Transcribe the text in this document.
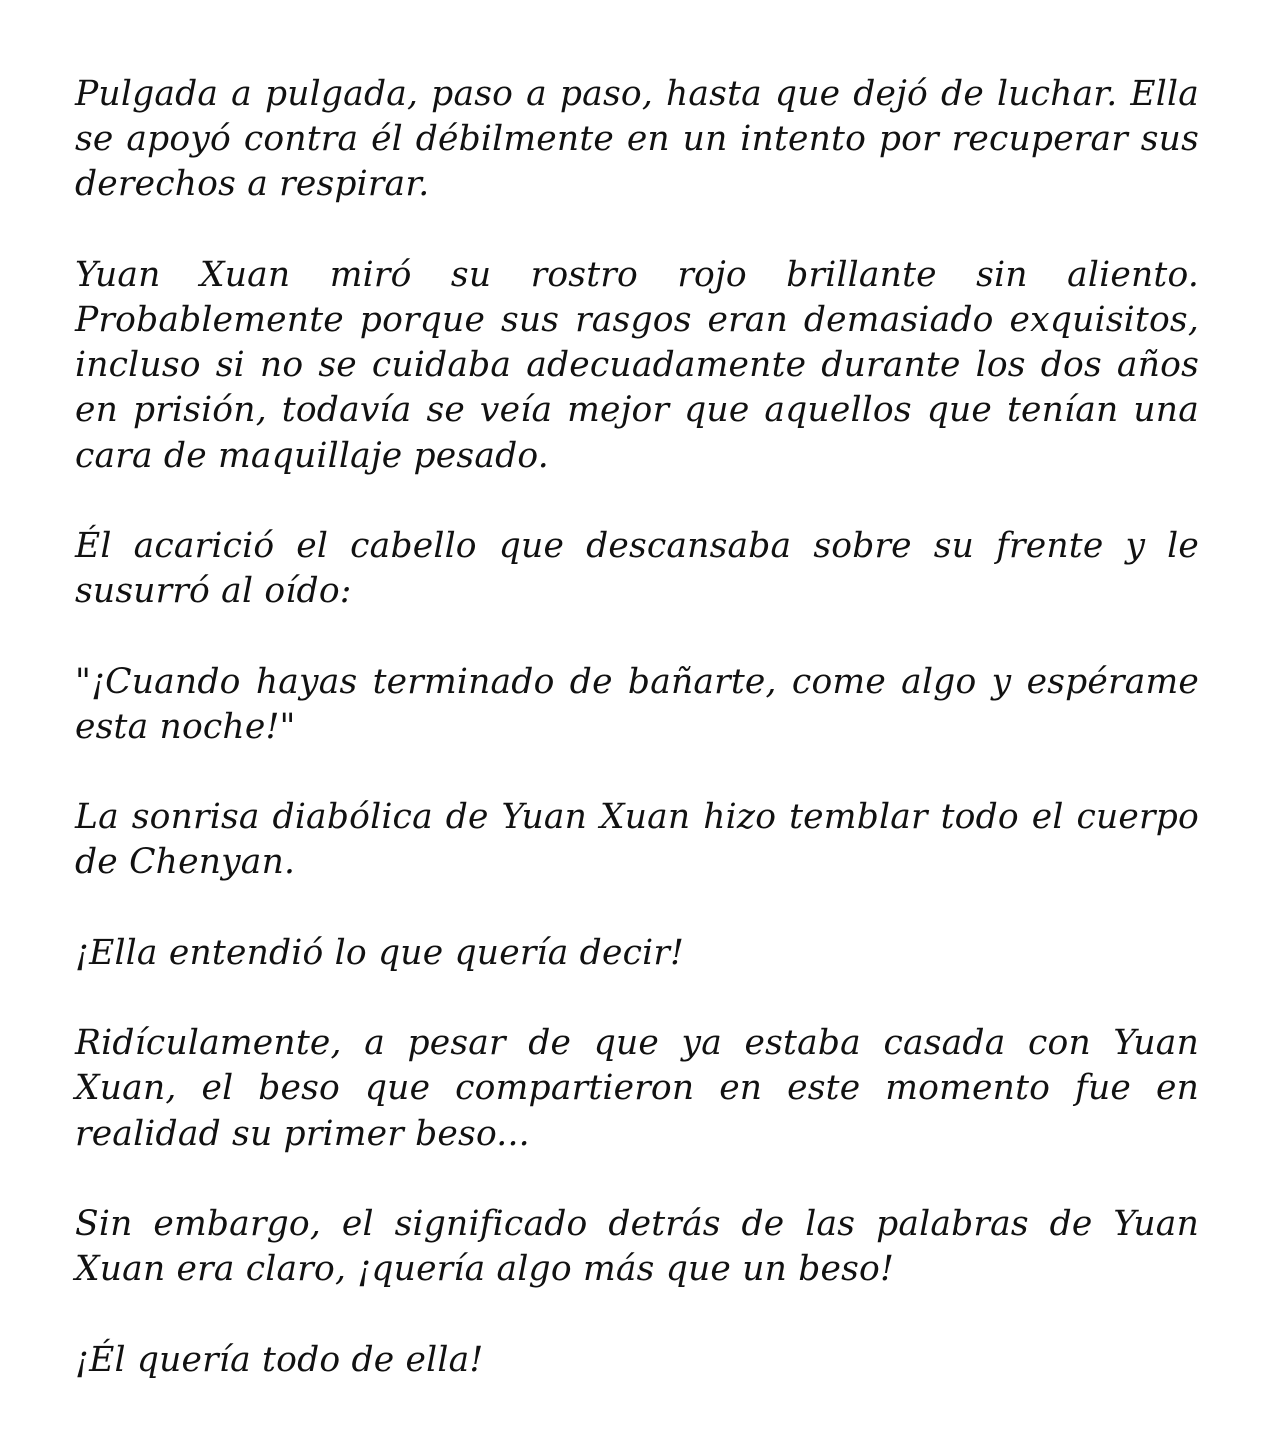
Pulgada a pulgada, paso a paso, hasta que dejó de luchar. Ella se apoyó contra él débilmente en un intento por recuperar sus derechos a respirar.

Yuan Xuan miró su rostro rojo brillante sin aliento. Probablemente porque sus rasgos eran demasiado exquisitos, incluso si no se cuidaba adecuadamente durante los dos años en prisión, todavía se veía mejor que aquellos que tenían una cara de maquillaje pesado.

Él acarició el cabello que descansaba sobre su frente y le susurró al oído:

"¡Cuando hayas terminado de bañarte, come algo y espérame esta noche!"

La sonrisa diabólica de Yuan Xuan hizo temblar todo el cuerpo de Chenyan.

¡Ella entendió lo que quería decir!

Ridículamente, a pesar de que ya estaba casada con Yuan Xuan, el beso que compartieron en este momento fue en realidad su primer beso...

Sin embargo, el significado detrás de las palabras de Yuan Xuan era claro, ¡quería algo más que un beso!

¡Él quería todo de ella!
